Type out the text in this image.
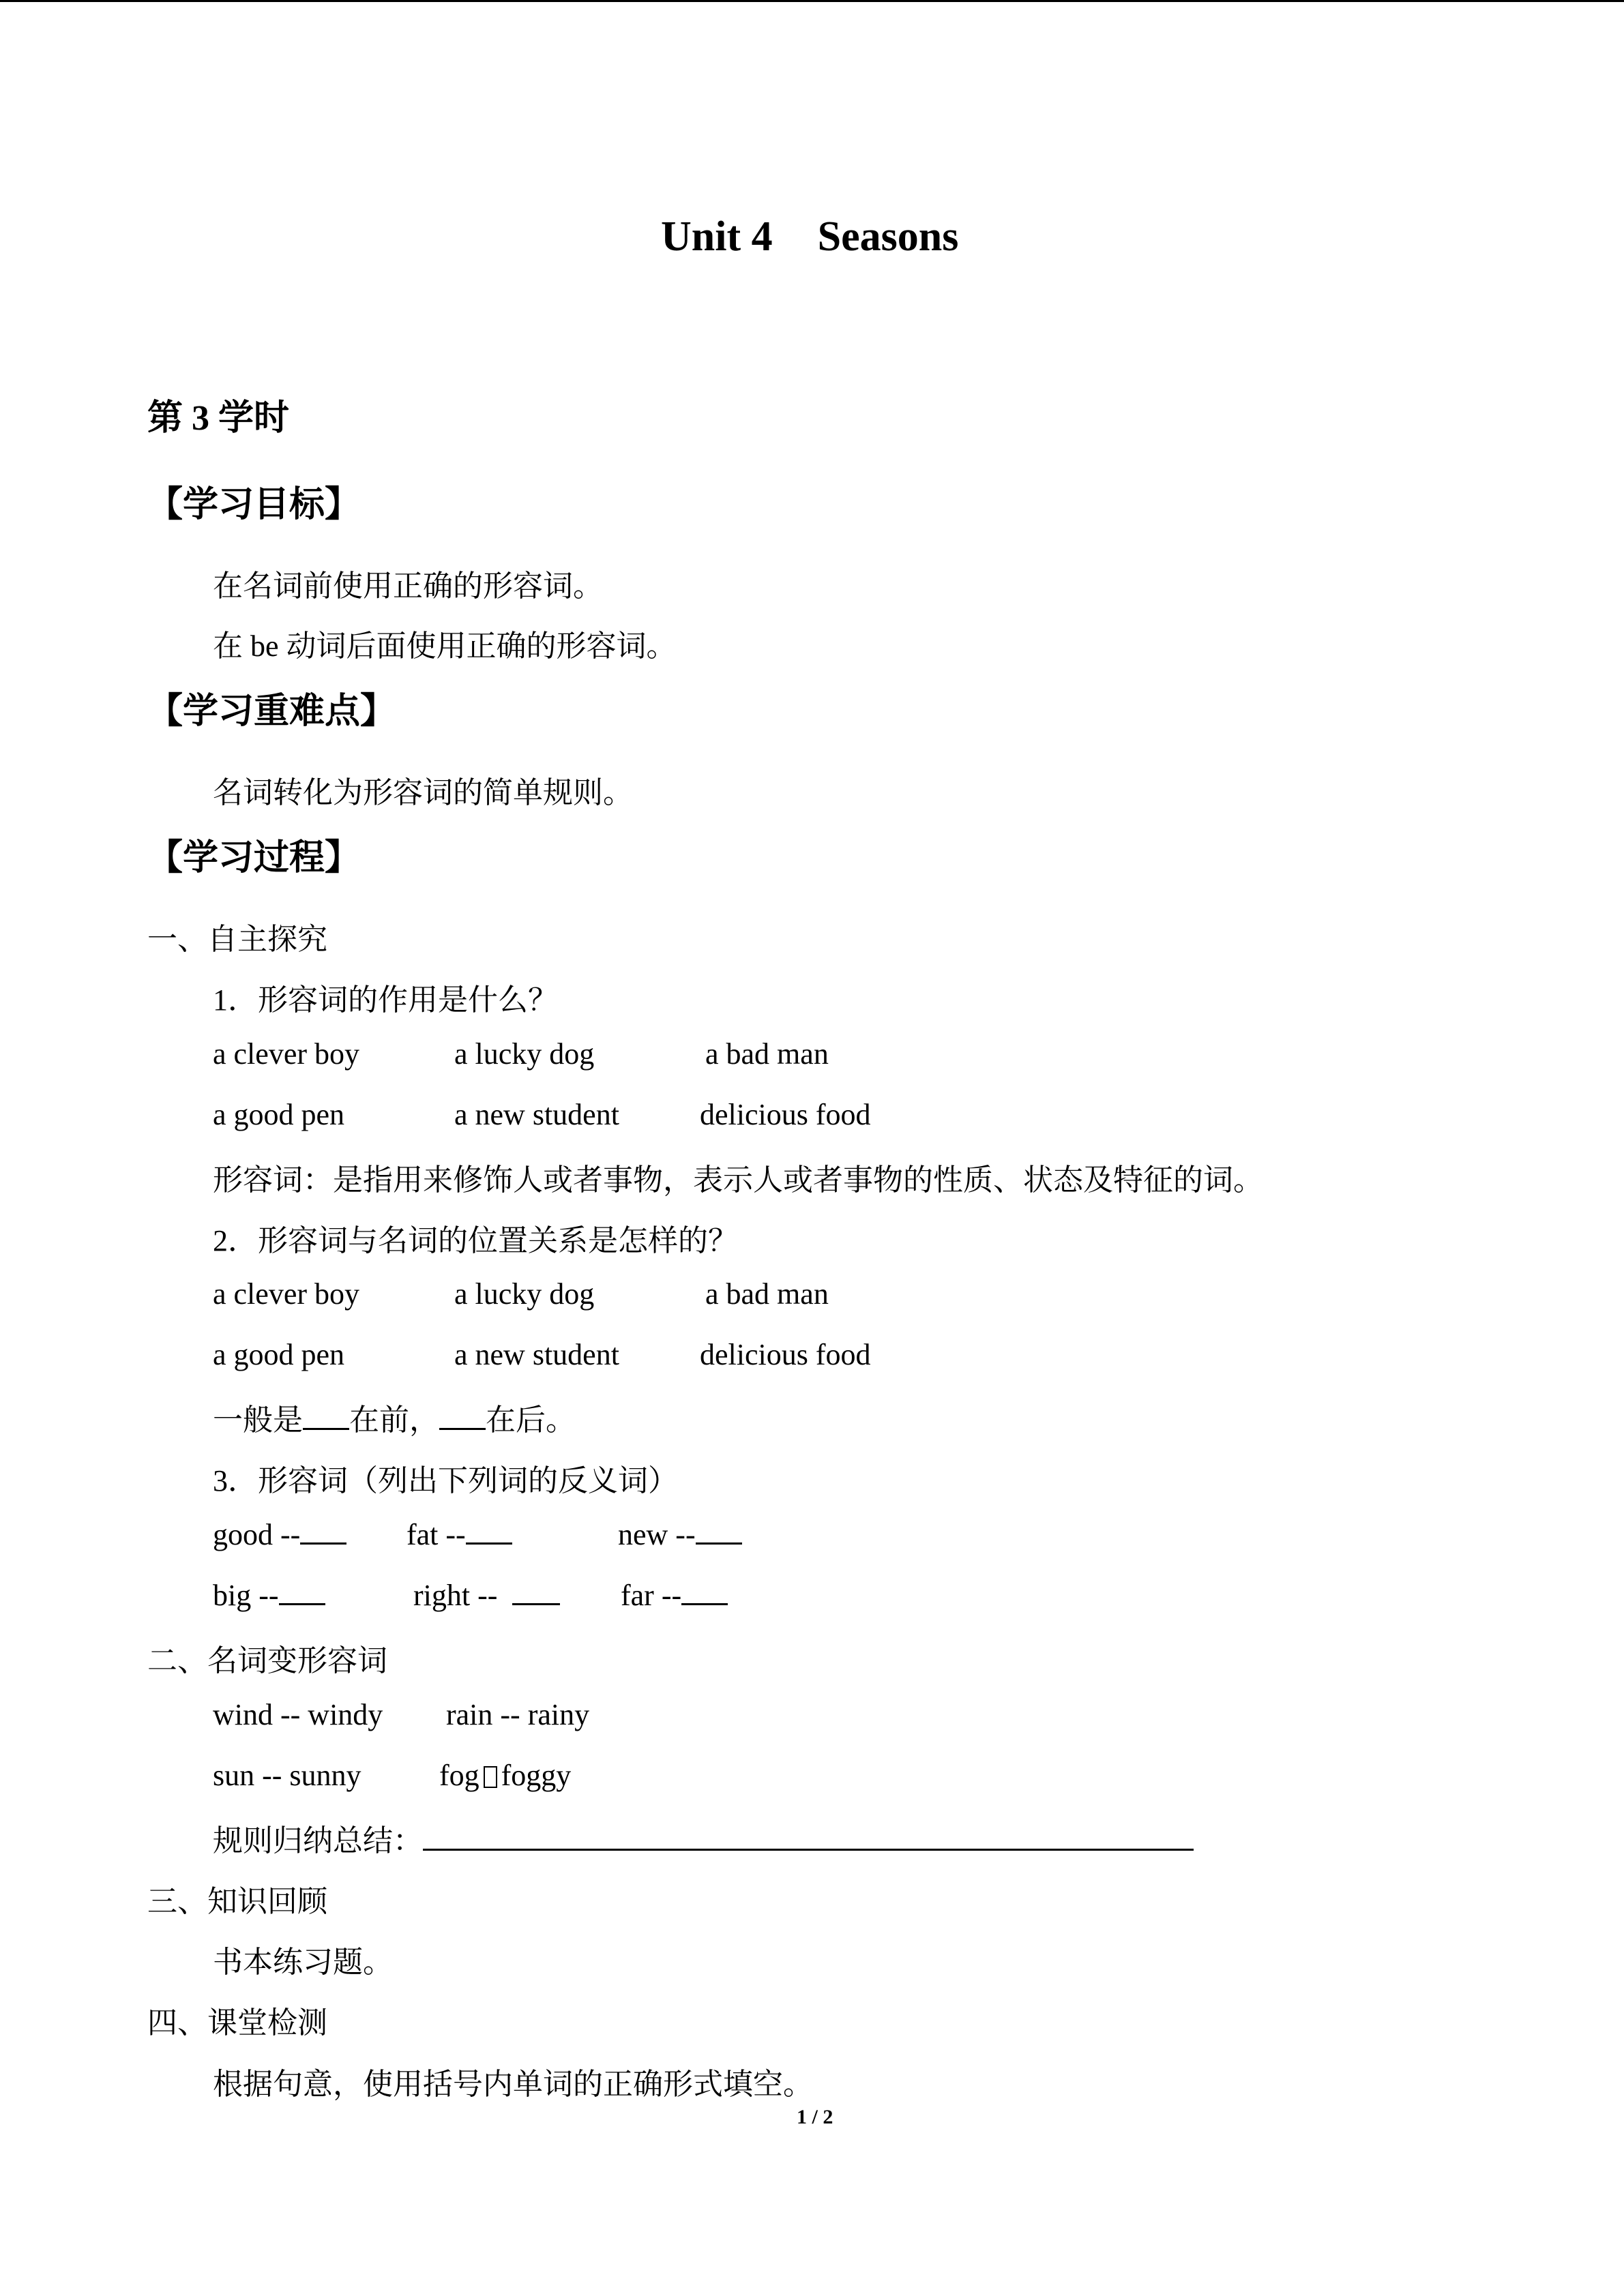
Unit 4 Seasons
第 3 学时
【学习目标】
在名词前使用正确的形容词。
在 be 动词后面使用正确的形容词。
【学习重难点】
名词转化为形容词的简单规则。
【学习过程】
一、自主探究
1．形容词的作用是什么？
a clever boy	a lucky dog	a bad man
a good pen	a new student	delicious food
形容词：是指用来修饰人或者事物，表示人或者事物的性质、状态及特征的词。
2．形容词与名词的位置关系是怎样的？
a clever boy	a lucky dog	a bad man
a good pen	a new student	delicious food
一般是 在前， 在后。
3．形容词（列出下列词的反义词）
good --	fat --	new --
big --	right --	far --
二、名词变形容词
wind -- windy rain -- rainy
sun -- sunny	fog foggy
规则归纳总结：
三、知识回顾
书本练习题。
四、课堂检测
根据句意，使用括号内单词的正确形式填空。
1 / 2
